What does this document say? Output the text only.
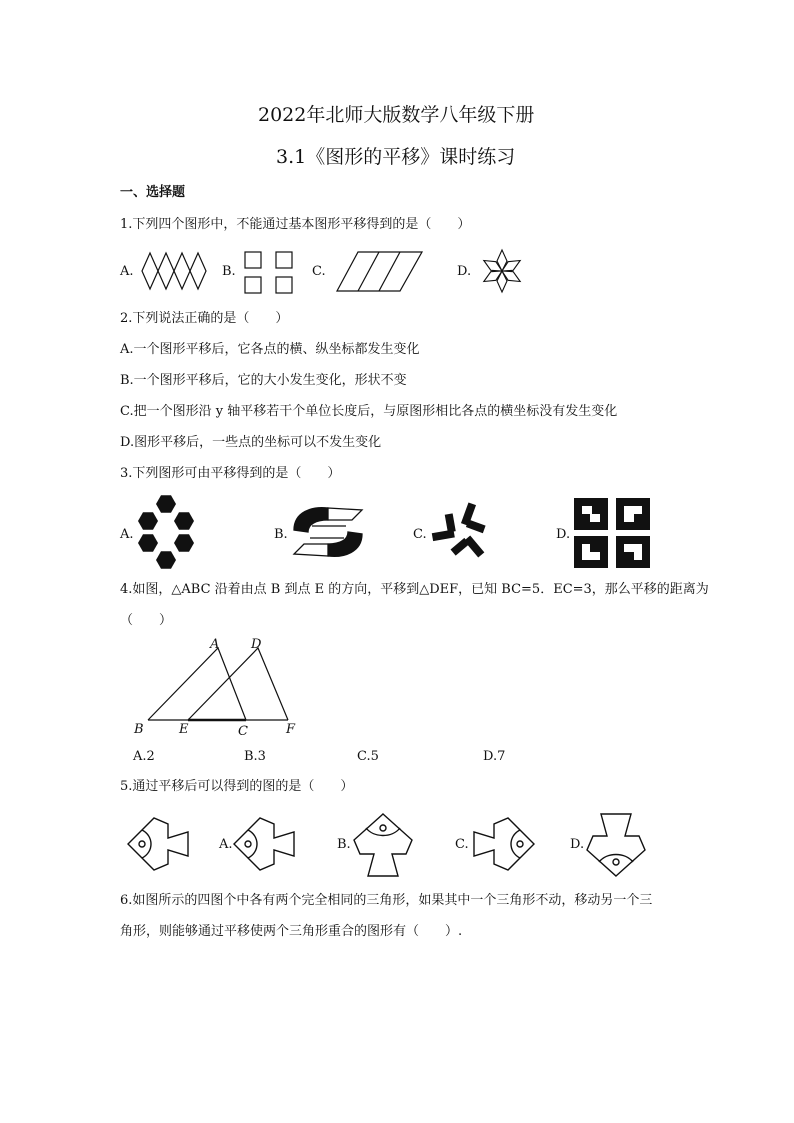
2022年北师大版数学八年级下册
3.1《图形的平移》课时练习
一、选择题
1.下列四个图形中，不能通过基本图形平移得到的是（　　）
A.	B.	C.	D.
2.下列说法正确的是（　　）
A.一个图形平移后，它各点的横、纵坐标都发生变化
B.一个图形平移后，它的大小发生变化，形状不变
C.把一个图形沿 y 轴平移若干个单位长度后，与原图形相比各点的横坐标没有发生变化
D.图形平移后，一些点的坐标可以不发生变化
3.下列图形可由平移得到的是（　　）
A.	B.	C.	D.
4.如图，△ABC 沿着由点 B 到点 E 的方向，平移到△DEF，已知 BC=5．EC=3，那么平移的距离为
（　　）
A D
B	E	C	F
A.2	B.3	C.5	D.7
5.通过平移后可以得到的图的是（　　）
A.	B.	C.	D.
6.如图所示的四图个中各有两个完全相同的三角形，如果其中一个三角形不动，移动另一个三
角形，则能够通过平移使两个三角形重合的图形有（　　）.
